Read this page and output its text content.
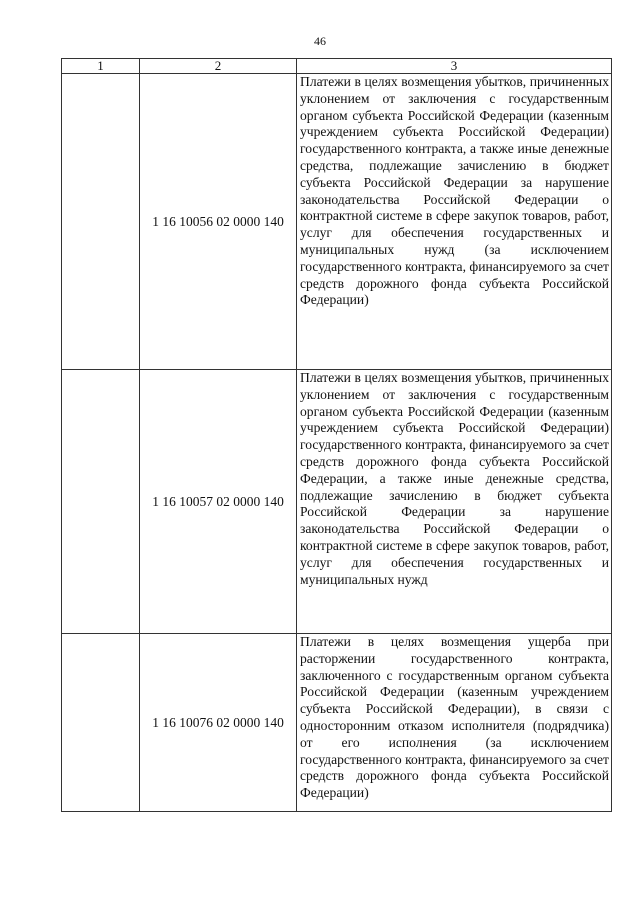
46
1	2	3
	1 16 10056 02 0000 140	Платежи в целях возмещения убытков, причиненных уклонением от заключения с государственным органом субъекта Российской Федерации (казенным учреждением субъекта Российской Федерации) государственного контракта, а также иные денежные средства, подлежащие зачислению в бюджет субъекта Российской Федерации за нарушение законодательства Российской Федерации о контрактной системе в сфере закупок товаров, работ, услуг для обеспечения государственных и муниципальных нужд (за исключением государственного контракта, финансируемого за счет средств дорожного фонда субъекта Российской Федерации)
	1 16 10057 02 0000 140	Платежи в целях возмещения убытков, причиненных уклонением от заключения с государственным органом субъекта Российской Федерации (казенным учреждением субъекта Российской Федерации) государственного контракта, финансируемого за счет средств дорожного фонда субъекта Российской Федерации, а также иные денежные средства, подлежащие зачислению в бюджет субъекта Российской Федерации за нарушение законодательства Российской Федерации о контрактной системе в сфере закупок товаров, работ, услуг для обеспечения государственных и муниципальных нужд
	1 16 10076 02 0000 140	Платежи в целях возмещения ущерба при расторжении государственного контракта, заключенного с государственным органом субъекта Российской Федерации (казенным учреждением субъекта Российской Федерации), в связи с односторонним отказом исполнителя (подрядчика) от его исполнения (за исключением государственного контракта, финансируемого за счет средств дорожного фонда субъекта Российской Федерации)
